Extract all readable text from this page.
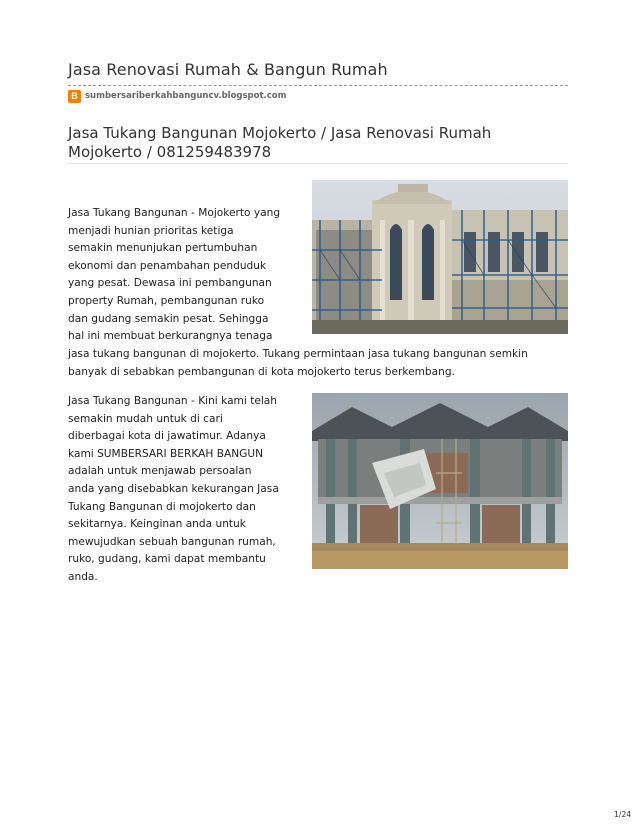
Jasa Renovasi Rumah & Bangun Rumah
B sumbersariberkahbanguncv.blogspot.com
Jasa Tukang Bangunan Mojokerto / Jasa Renovasi Rumah Mojokerto / 081259483978
Jasa Tukang Bangunan - Mojokerto yang
menjadi hunian prioritas ketiga
semakin menunjukan pertumbuhan
ekonomi dan penambahan penduduk
yang pesat. Dewasa ini pembangunan
property Rumah, pembangunan ruko
dan gudang semakin pesat. Sehingga
hal ini membuat berkurangnya tenaga
jasa tukang bangunan di mojokerto. Tukang permintaan jasa tukang bangunan semkin
banyak di sebabkan pembangunan di kota mojokerto terus berkembang.
Jasa Tukang Bangunan - Kini kami telah
semakin mudah untuk di cari
diberbagai kota di jawatimur. Adanya
kami SUMBERSARI BERKAH BANGUN
adalah untuk menjawab persoalan
anda yang disebabkan kekurangan Jasa
Tukang Bangunan di mojokerto dan
sekitarnya. Keinginan anda untuk
mewujudkan sebuah bangunan rumah,
ruko, gudang, kami dapat membantu
anda.
1/24
